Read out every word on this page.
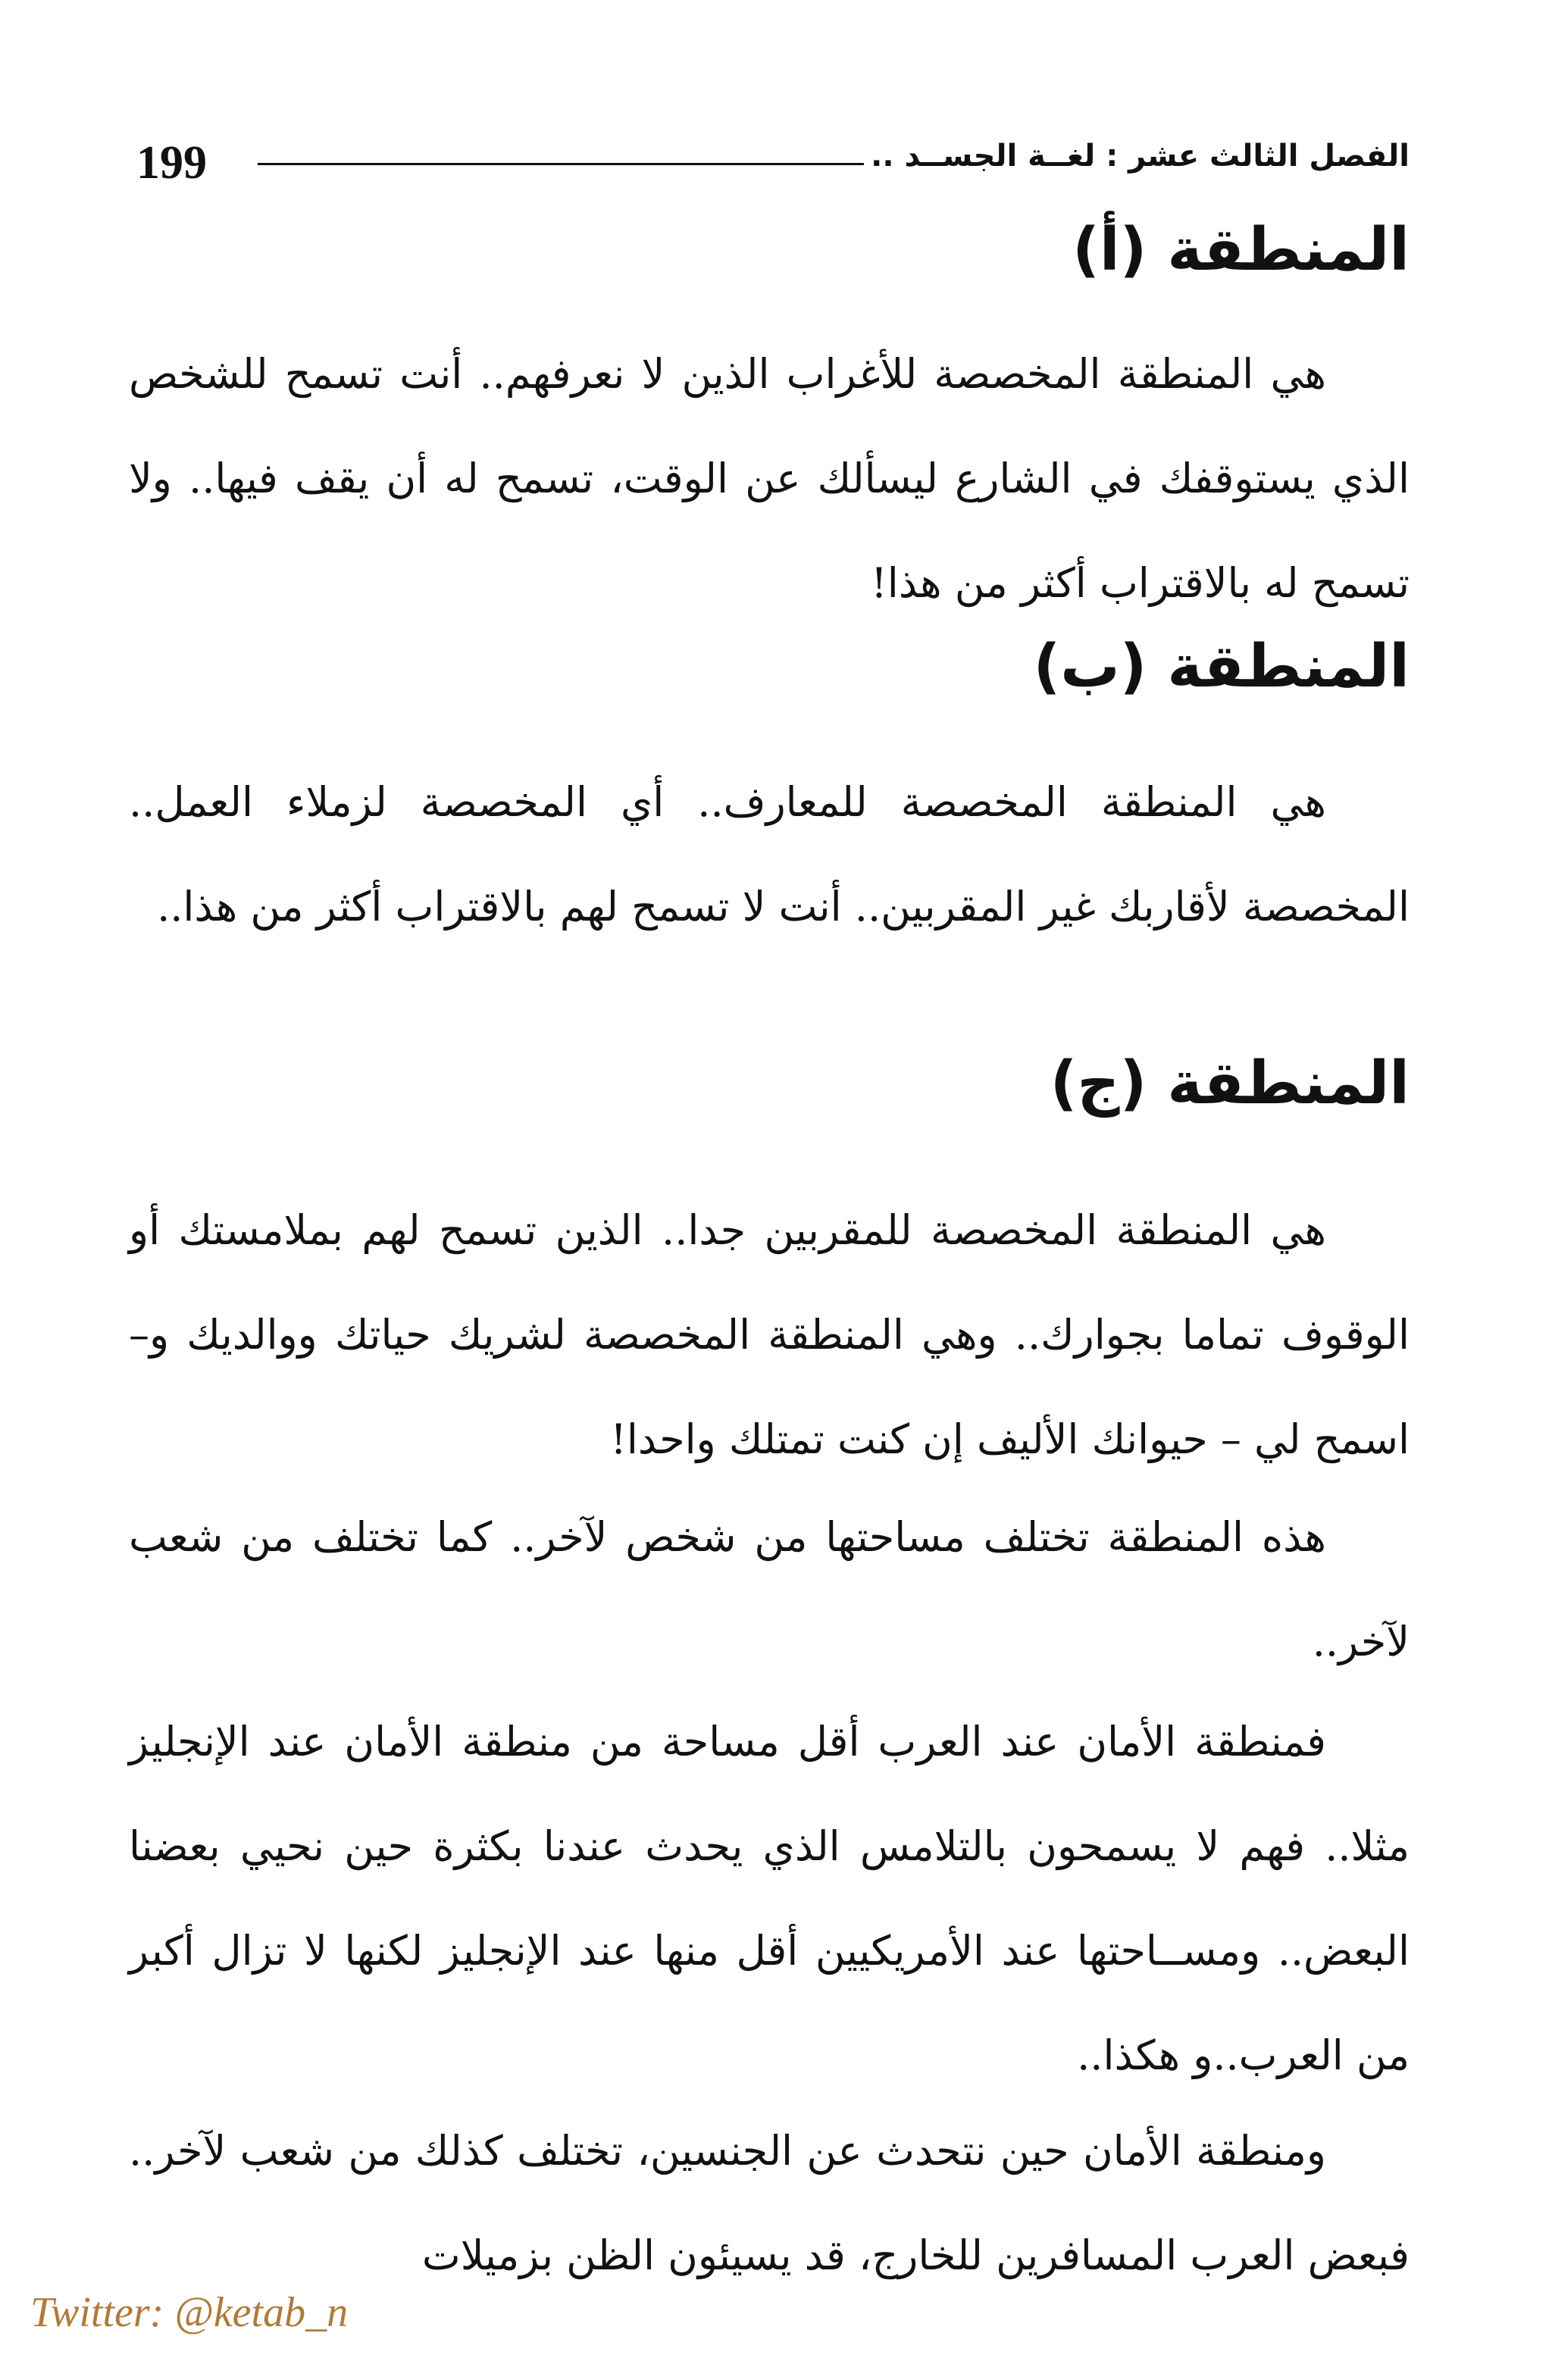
199	الفصل الثالث عشر : لغــة الجســد ..
المنطقة (أ)

هي المنطقة المخصصة للأغراب الذين لا نعرفهم.. أنت تسمح للشخص الذي يستوقفك في الشارع ليسألك عن الوقت، تسمح له أن يقف فيها.. ولا تسمح له بالاقتراب أكثر من هذا!

المنطقة (ب)

هي المنطقة المخصصة للمعارف.. أي المخصصة لزملاء العمل.. المخصصة لأقاربك غير المقربين.. أنت لا تسمح لهم بالاقتراب أكثر من هذا..

المنطقة (ج)

هي المنطقة المخصصة للمقربين جدا.. الذين تسمح لهم بملامستك أو الوقوف تماما بجوارك.. وهي المنطقة المخصصة لشريك حياتك ووالديك و– اسمح لي – حيوانك الأليف إن كنت تمتلك واحدا!

هذه المنطقة تختلف مساحتها من شخص لآخر.. كما تختلف من شعب لآخر..

فمنطقة الأمان عند العرب أقل مساحة من منطقة الأمان عند الإنجليز مثلا.. فهم لا يسمحون بالتلامس الذي يحدث عندنا بكثرة حين نحيي بعضنا البعض.. ومســاحتها عند الأمريكيين أقل منها عند الإنجليز لكنها لا تزال أكبر من العرب..و هكذا..

ومنطقة الأمان حين نتحدث عن الجنسين، تختلف كذلك من شعب لآخر.. فبعض العرب المسافرين للخارج، قد يسيئون الظن بزميلات

Twitter: @ketab_n
